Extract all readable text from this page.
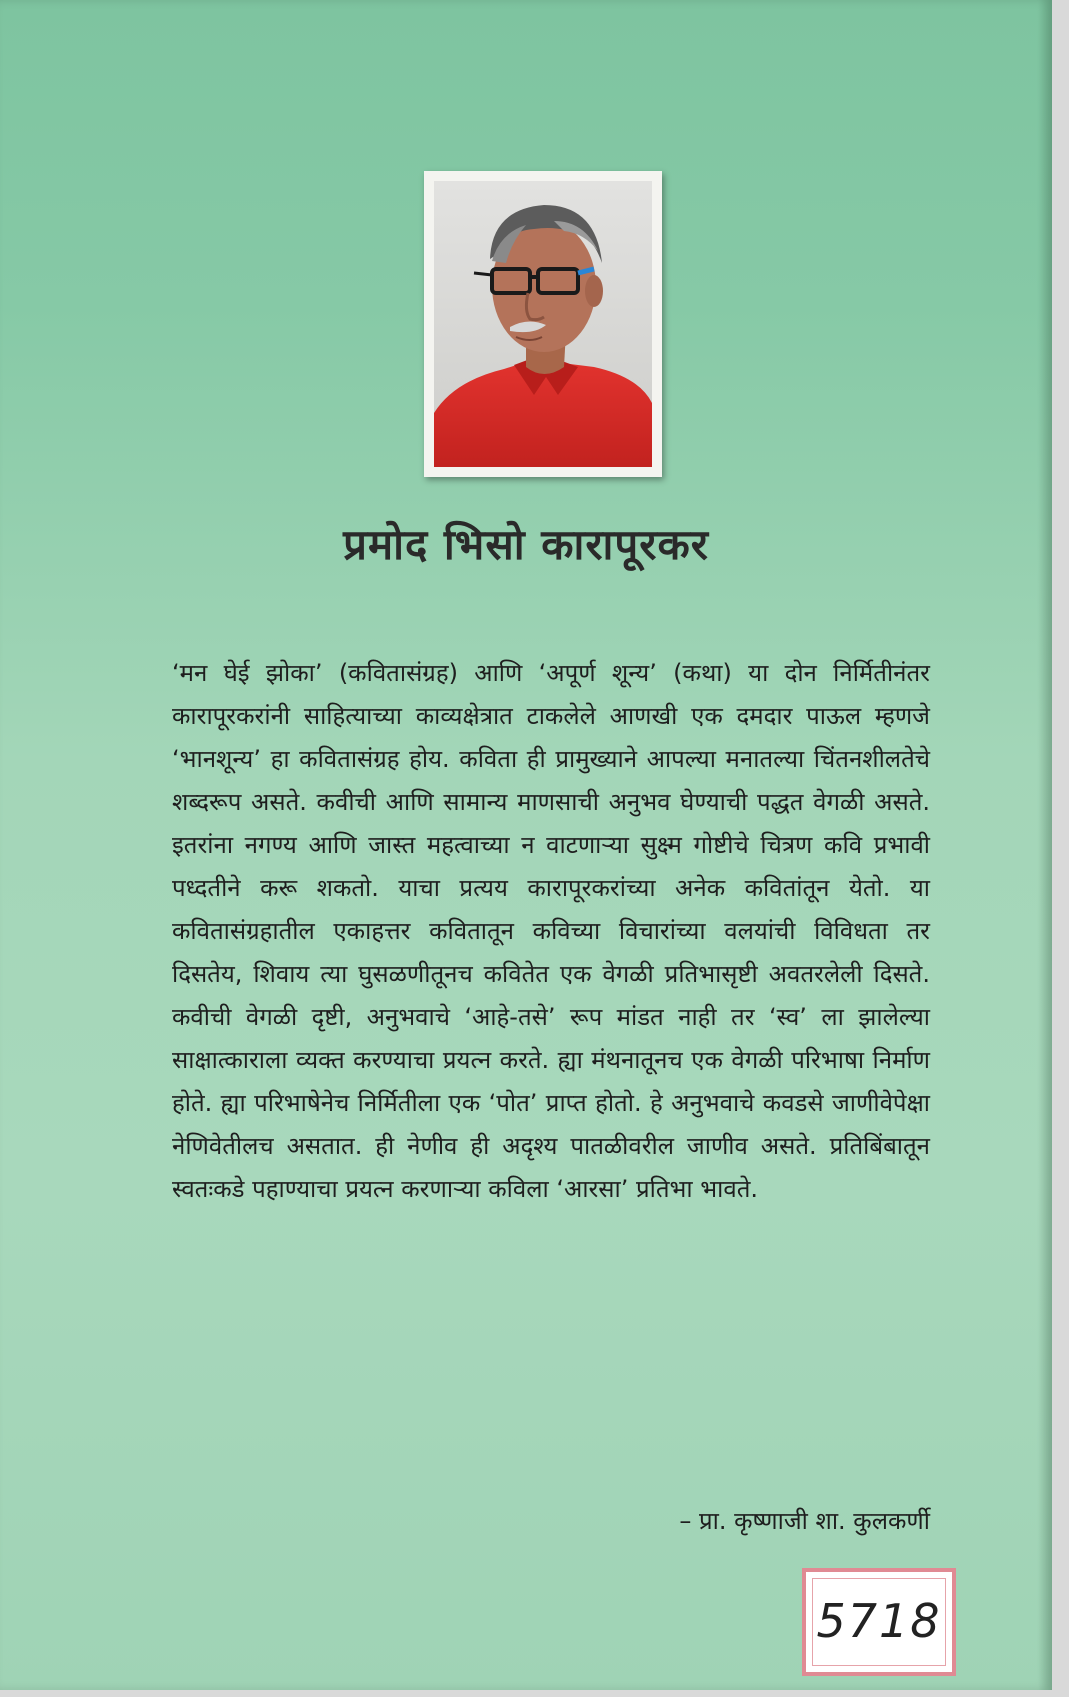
प्रमोद भिसो कारापूरकर

‘मन घेई झोका’ (कवितासंग्रह) आणि ‘अपूर्ण शून्य’ (कथा) या दोन निर्मितीनंतर कारापूरकरांनी साहित्याच्या काव्यक्षेत्रात टाकलेले आणखी एक दमदार पाऊल म्हणजे ‘भानशून्य’ हा कवितासंग्रह होय. कविता ही प्रामुख्याने आपल्या मनातल्या चिंतनशीलतेचे शब्दरूप असते. कवीची आणि सामान्य माणसाची अनुभव घेण्याची पद्धत वेगळी असते. इतरांना नगण्य आणि जास्त महत्वाच्या न वाटणाऱ्या सुक्ष्म गोष्टीचे चित्रण कवि प्रभावी पध्दतीने करू शकतो. याचा प्रत्यय कारापूरकरांच्या अनेक कवितांतून येतो. या कवितासंग्रहातील एकाहत्तर कवितातून कविच्या विचारांच्या वलयांची विविधता तर दिसतेय, शिवाय त्या घुसळणीतूनच कवितेत एक वेगळी प्रतिभासृष्टी अवतरलेली दिसते. कवीची वेगळी दृष्टी, अनुभवाचे ‘आहे-तसे’ रूप मांडत नाही तर ‘स्व’ ला झालेल्या साक्षात्काराला व्यक्त करण्याचा प्रयत्न करते. ह्या मंथनातूनच एक वेगळी परिभाषा निर्माण होते. ह्या परिभाषेनेच निर्मितीला एक ‘पोत’ प्राप्त होतो. हे अनुभवाचे कवडसे जाणीवेपेक्षा नेणिवेतीलच असतात. ही नेणीव ही अदृश्य पातळीवरील जाणीव असते. प्रतिबिंबातून स्वतःकडे पहाण्याचा प्रयत्न करणाऱ्या कविला ‘आरसा’ प्रतिभा भावते.

– प्रा. कृष्णाजी शा. कुलकर्णी
5718
